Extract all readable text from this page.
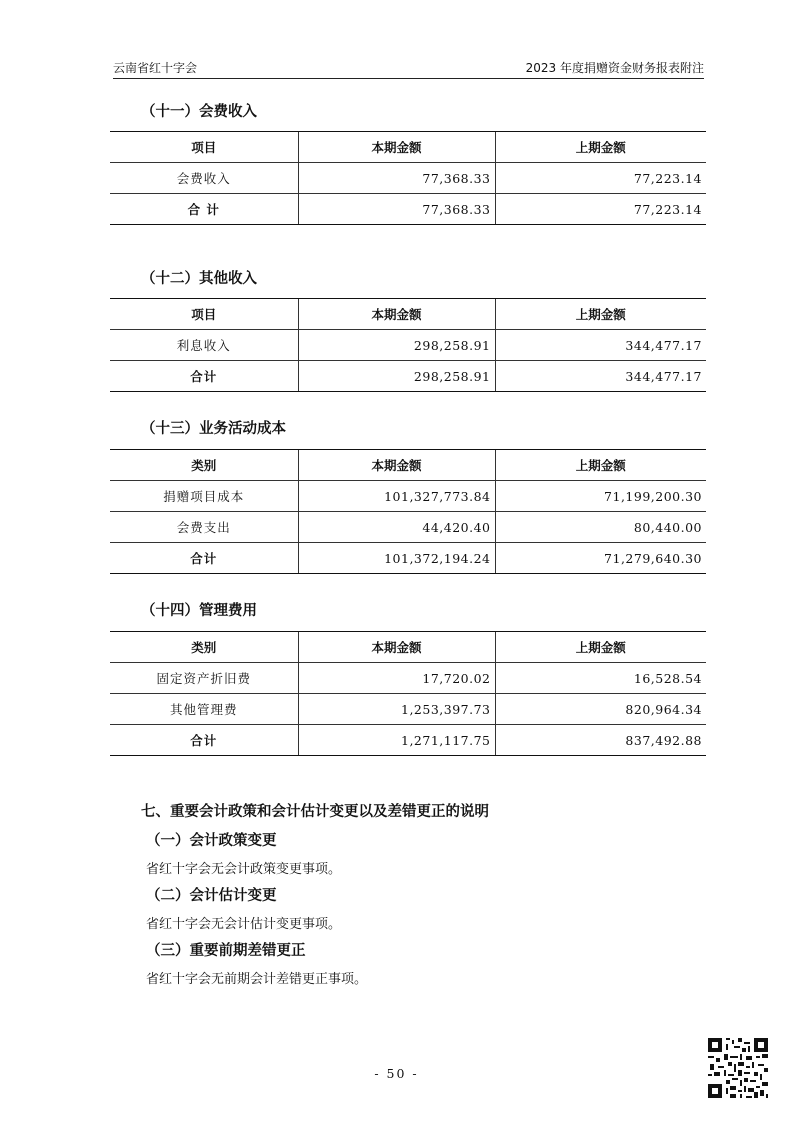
云南省红十字会	2023 年度捐赠资金财务报表附注
（十一）会费收入
项目	本期金额	上期金额
会费收入	77,368.33	77,223.14
合 计	77,368.33	77,223.14
（十二）其他收入
项目	本期金额	上期金额
利息收入	298,258.91	344,477.17
合计	298,258.91	344,477.17
（十三）业务活动成本
类别	本期金额	上期金额
捐赠项目成本	101,327,773.84	71,199,200.30
会费支出	44,420.40	80,440.00
合计	101,372,194.24	71,279,640.30
（十四）管理费用
类别	本期金额	上期金额
固定资产折旧费	17,720.02	16,528.54
其他管理费	1,253,397.73	820,964.34
合计	1,271,117.75	837,492.88
七、重要会计政策和会计估计变更以及差错更正的说明
（一）会计政策变更
省红十字会无会计政策变更事项。
（二）会计估计变更
省红十字会无会计估计变更事项。
（三）重要前期差错更正
省红十字会无前期会计差错更正事项。
- 50 -
